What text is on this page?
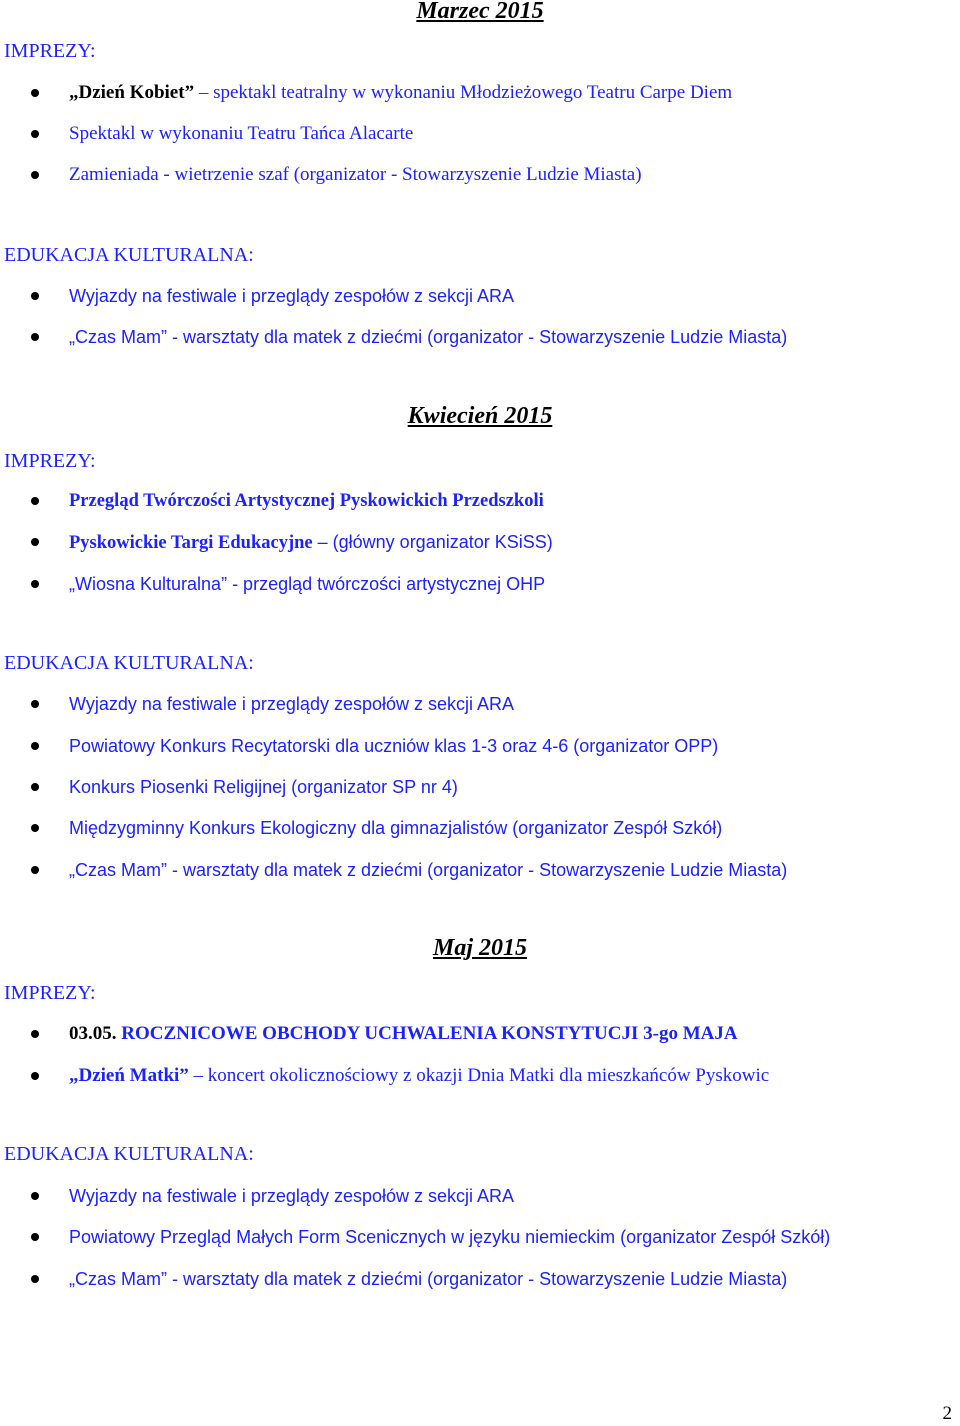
Marzec 2015
IMPREZY:
„Dzień Kobiet” – spektakl teatralny w wykonaniu Młodzieżowego Teatru Carpe Diem
Spektakl w wykonaniu Teatru Tańca Alacarte
Zamieniada - wietrzenie szaf (organizator - Stowarzyszenie Ludzie Miasta)
EDUKACJA KULTURALNA:
Wyjazdy na festiwale i przeglądy zespołów z sekcji ARA
„Czas Mam” - warsztaty dla matek z dziećmi (organizator - Stowarzyszenie Ludzie Miasta)
Kwiecień 2015
IMPREZY:
Przegląd Twórczości Artystycznej Pyskowickich Przedszkoli
Pyskowickie Targi Edukacyjne – (główny organizator KSiSS)
„Wiosna Kulturalna” - przegląd twórczości artystycznej OHP
EDUKACJA KULTURALNA:
Wyjazdy na festiwale i przeglądy zespołów z sekcji ARA
Powiatowy Konkurs Recytatorski dla uczniów klas 1-3 oraz 4-6 (organizator OPP)
Konkurs Piosenki Religijnej (organizator SP nr 4)
Międzygminny Konkurs Ekologiczny dla gimnazjalistów (organizator Zespół Szkół)
„Czas Mam” - warsztaty dla matek z dziećmi (organizator - Stowarzyszenie Ludzie Miasta)
Maj 2015
IMPREZY:
03.05. ROCZNICOWE OBCHODY UCHWALENIA KONSTYTUCJI 3-go MAJA
„Dzień Matki” – koncert okolicznościowy z okazji Dnia Matki dla mieszkańców Pyskowic
EDUKACJA KULTURALNA:
Wyjazdy na festiwale i przeglądy zespołów z sekcji ARA
Powiatowy Przegląd Małych Form Scenicznych w języku niemieckim (organizator Zespół Szkół)
„Czas Mam” - warsztaty dla matek z dziećmi (organizator - Stowarzyszenie Ludzie Miasta)
2
